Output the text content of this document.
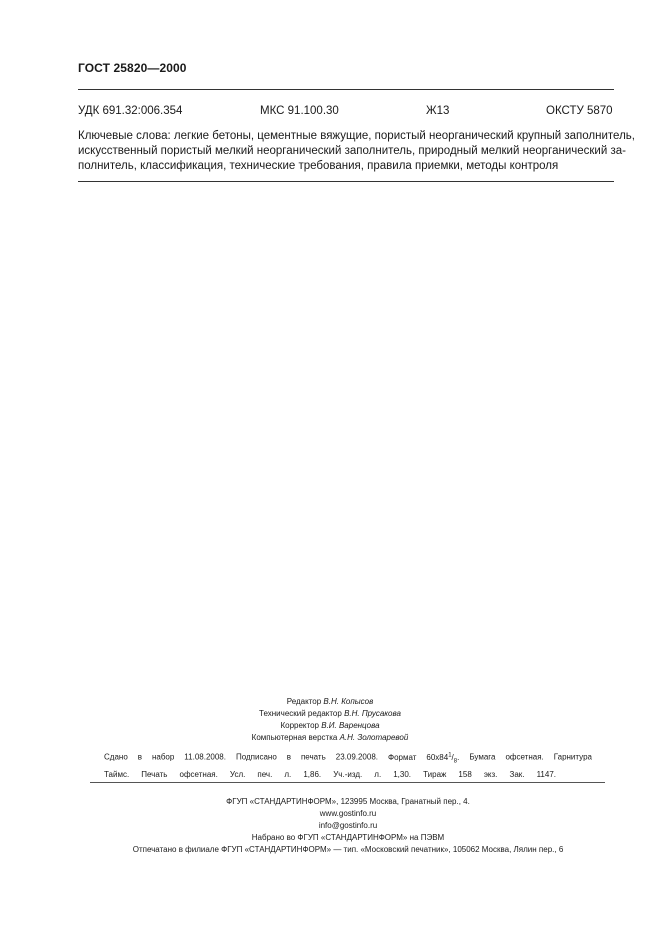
ГОСТ 25820—2000
УДК 691.32:006.354	МКС 91.100.30	Ж13	ОКСТУ 5870
Ключевые слова: легкие бетоны, цементные вяжущие, пористый неорганический крупный заполнитель,
искусственный пористый мелкий неорганический заполнитель, природный мелкий неорганический за-
полнитель, классификация, технические требования, правила приемки, методы контроля
Редактор В.Н. Копысов
Технический редактор В.Н. Прусакова
Корректор В.И. Варенцова
Компьютерная верстка А.Н. Золотаревой
Сдано в набор 11.08.2008. Подписано в печать 23.09.2008. Формат $60х84^1/_8$. Бумага офсетная. Гарнитура
Таймс. Печать офсетная. Усл. печ. л. 1,86. Уч.-изд. л. 1,30. Тираж 158 экз. Зак. 1147.
ФГУП «СТАНДАРТИНФОРМ», 123995 Москва, Гранатный пер., 4.
www.gostinfo.ru
info@gostinfo.ru
Набрано во ФГУП «СТАНДАРТИНФОРМ» на ПЭВМ
Отпечатано в филиале ФГУП «СТАНДАРТИНФОРМ» — тип. «Московский печатник», 105062 Москва, Лялин пер., 6
